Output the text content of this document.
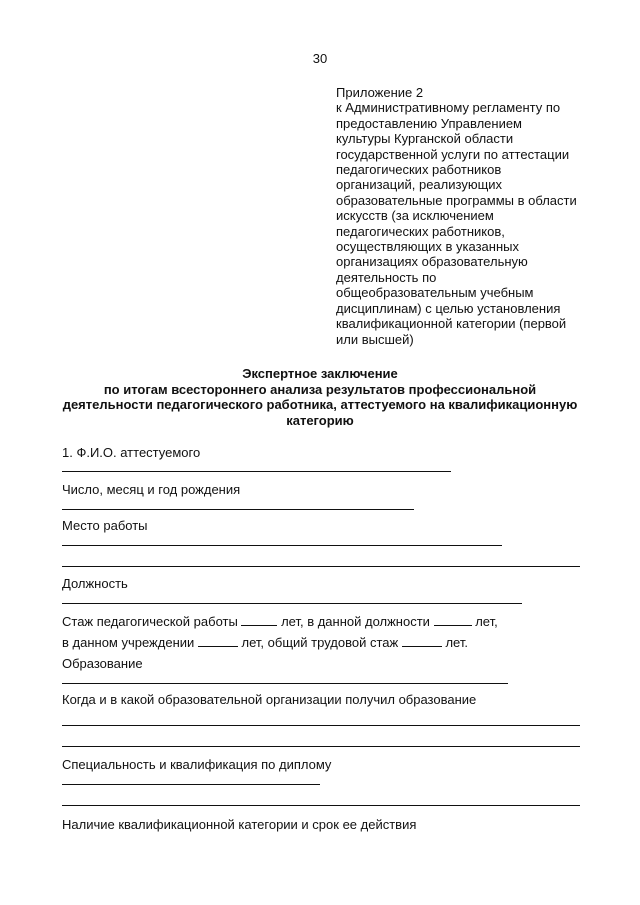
30
Приложение 2
к Административному регламенту по
предоставлению Управлением
культуры Курганской области
государственной услуги по аттестации
педагогических работников
организаций, реализующих
образовательные программы в области
искусств (за исключением
педагогических работников,
осуществляющих в указанных
организациях образовательную
деятельность по
общеобразовательным учебным
дисциплинам) с целью установления
квалификационной категории (первой
или высшей)
Экспертное заключение
по итогам всестороннего анализа результатов профессиональной
деятельности педагогического работника, аттестуемого на квалификационную
категорию
1. Ф.И.О. аттестуемого
Число, месяц и год рождения
Место работы
Должность
Стаж педагогической работы	лет, в данной должности	лет,
в данном учреждении	лет, общий трудовой стаж	лет.
Образование
Когда и в какой образовательной организации получил образование
Специальность и квалификация по диплому
Наличие квалификационной категории и срок ее действия
